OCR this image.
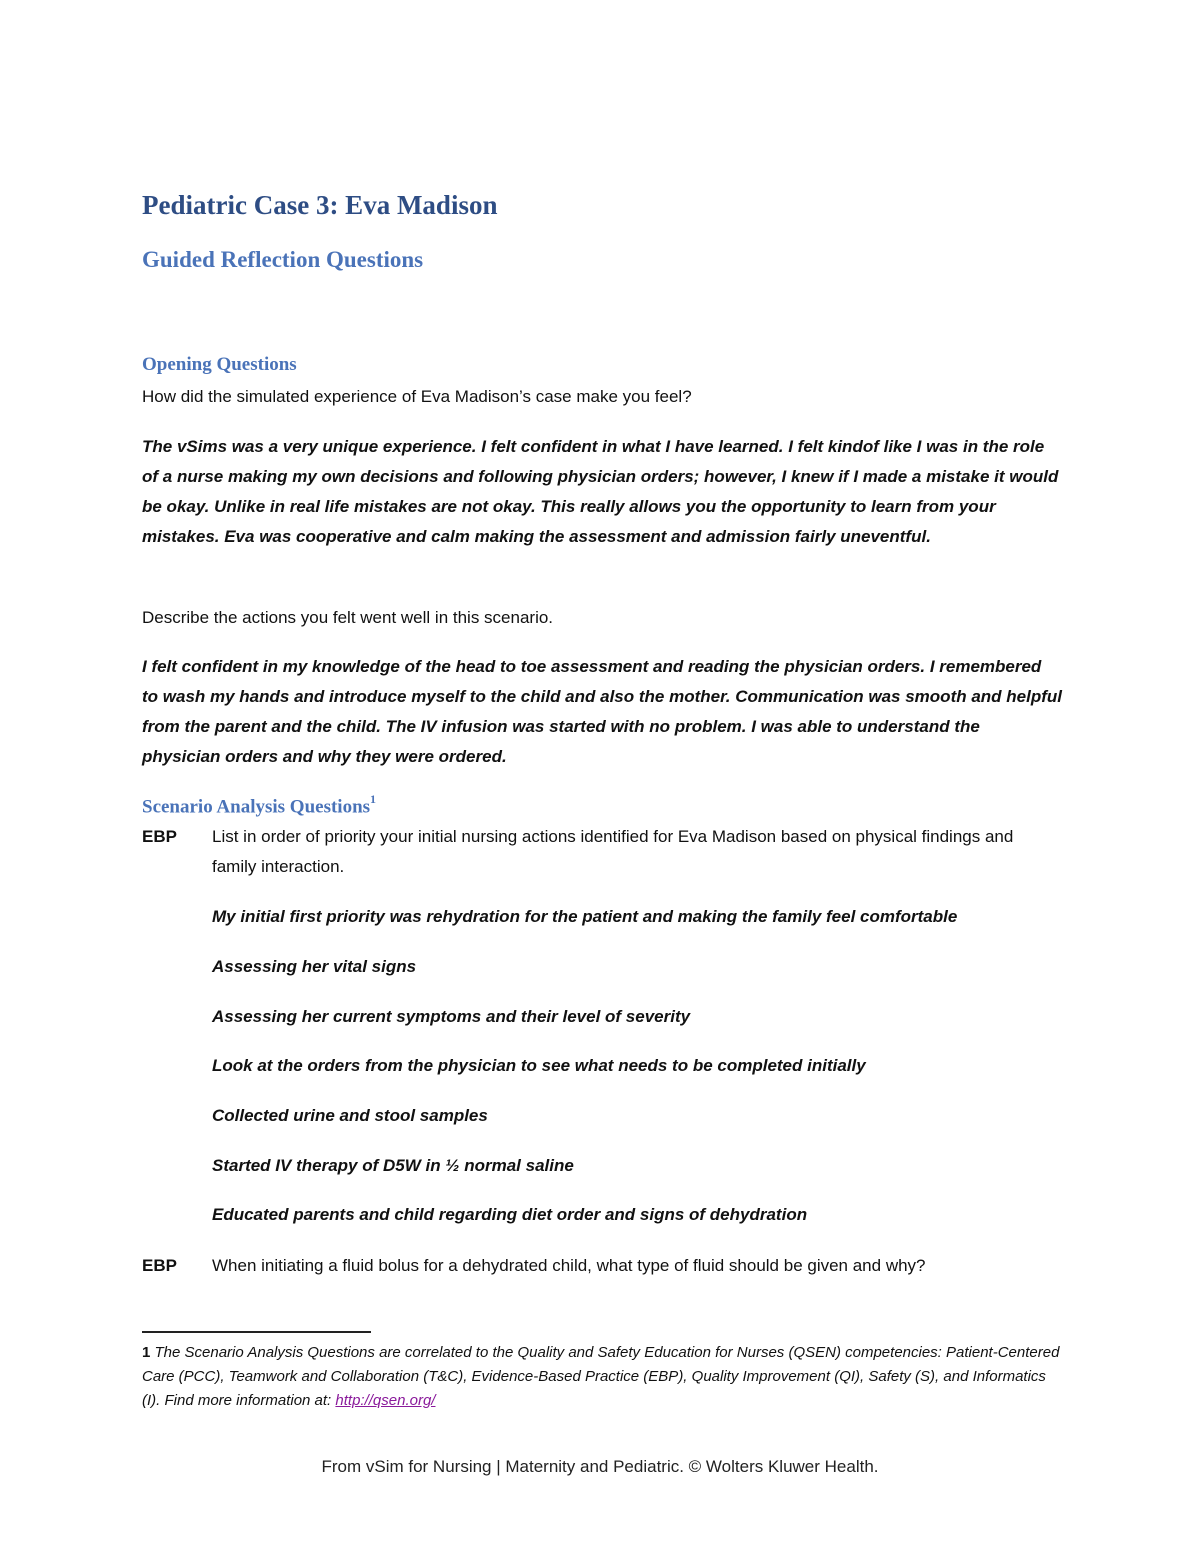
Pediatric Case 3: Eva Madison
Guided Reflection Questions
Opening Questions
How did the simulated experience of Eva Madison’s case make you feel?
The vSims was a very unique experience. I felt confident in what I have learned. I felt kindof like I was in the role of a nurse making my own decisions and following physician orders; however, I knew if I made a mistake it would be okay. Unlike in real life mistakes are not okay. This really allows you the opportunity to learn from your mistakes. Eva was cooperative and calm making the assessment and admission fairly uneventful.
Describe the actions you felt went well in this scenario.
I felt confident in my knowledge of the head to toe assessment and reading the physician orders. I remembered to wash my hands and introduce myself to the child and also the mother. Communication was smooth and helpful from the parent and the child. The IV infusion was started with no problem. I was able to understand the physician orders and why they were ordered.
Scenario Analysis Questions$^1$
EBP List in order of priority your initial nursing actions identified for Eva Madison based on physical findings and family interaction.
My initial first priority was rehydration for the patient and making the family feel comfortable
Assessing her vital signs
Assessing her current symptoms and their level of severity
Look at the orders from the physician to see what needs to be completed initially
Collected urine and stool samples
Started IV therapy of D5W in ½ normal saline
Educated parents and child regarding diet order and signs of dehydration
EBP When initiating a fluid bolus for a dehydrated child, what type of fluid should be given and why?
1 The Scenario Analysis Questions are correlated to the Quality and Safety Education for Nurses (QSEN) competencies: Patient-Centered Care (PCC), Teamwork and Collaboration (T&C), Evidence-Based Practice (EBP), Quality Improvement (QI), Safety (S), and Informatics (I). Find more information at: http://qsen.org/
From vSim for Nursing | Maternity and Pediatric. © Wolters Kluwer Health.
